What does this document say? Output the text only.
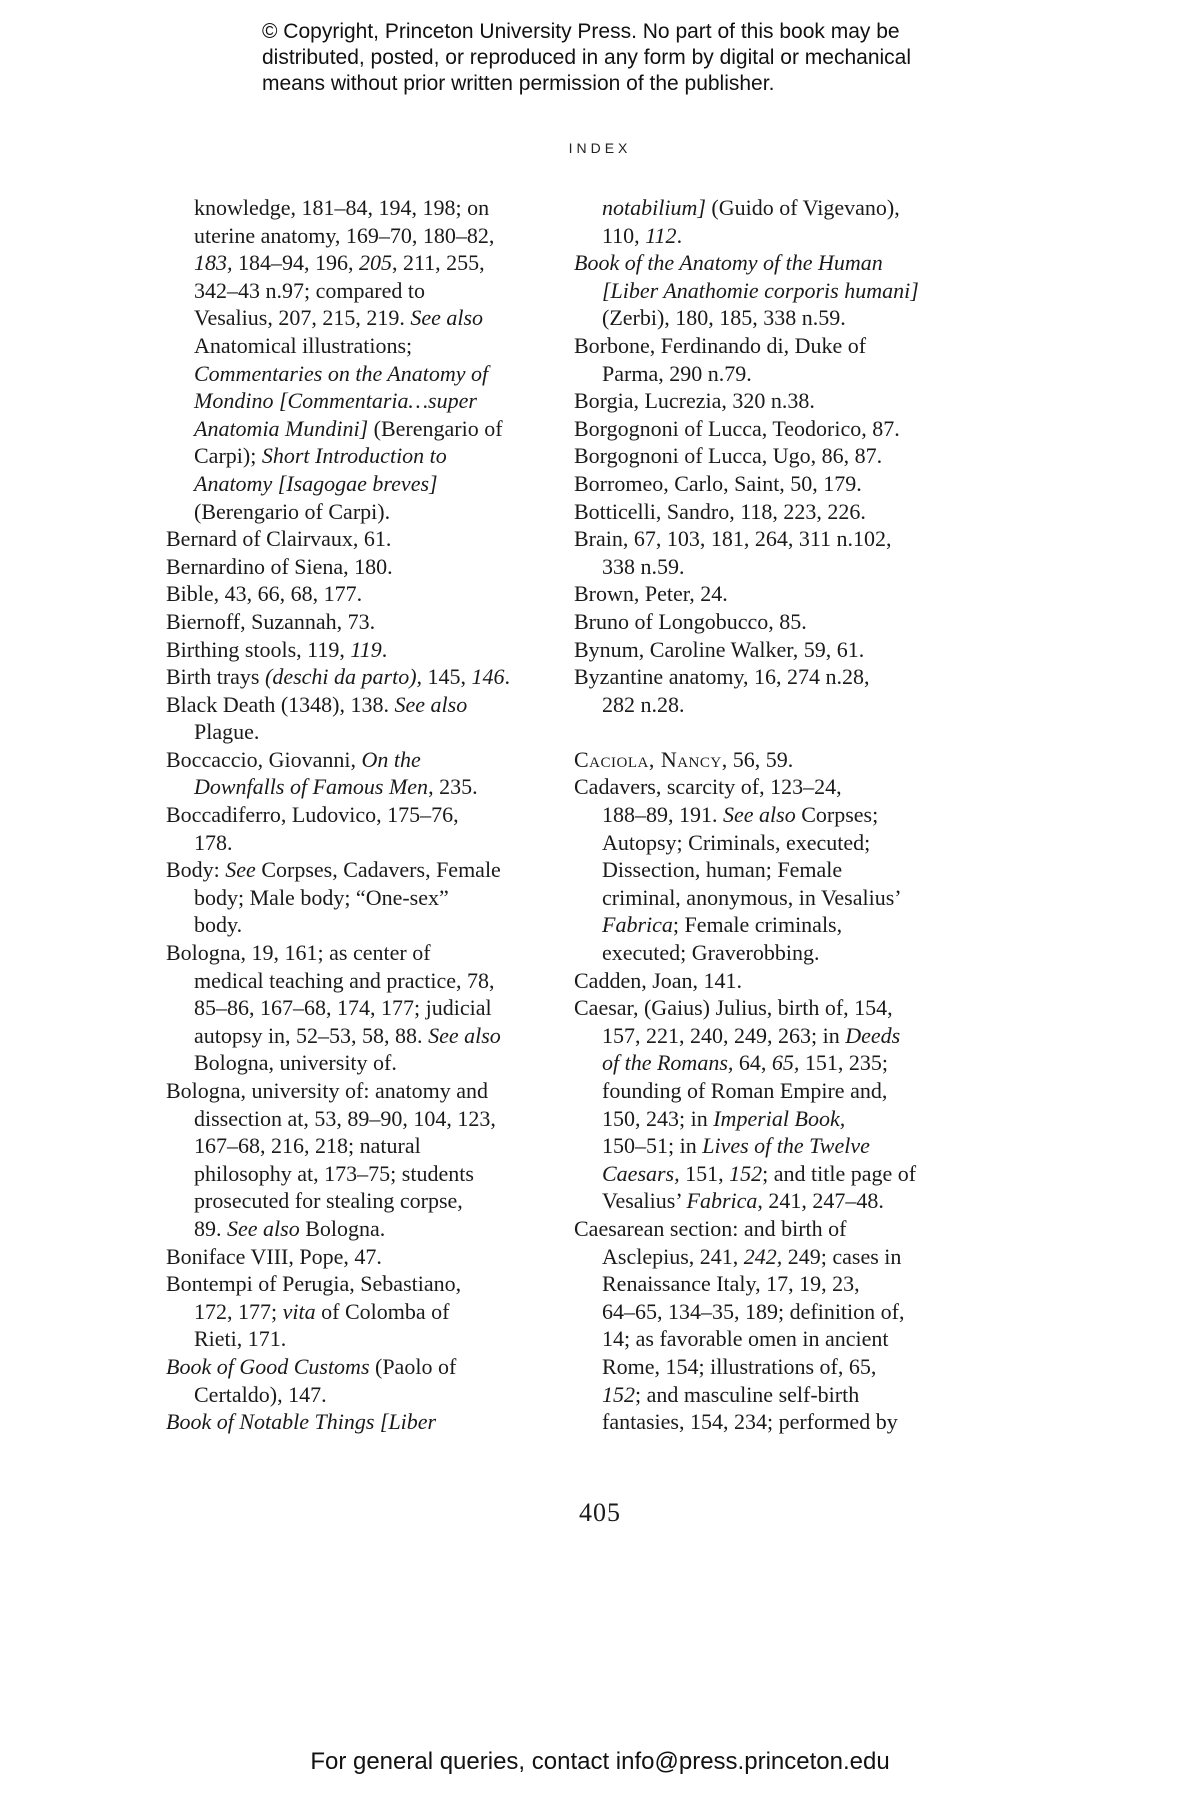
© Copyright, Princeton University Press. No part of this book may be
distributed, posted, or reproduced in any form by digital or mechanical
means without prior written permission of the publisher.
INDEX
knowledge, 181–84, 194, 198; on
uterine anatomy, 169–70, 180–82,
183, 184–94, 196, 205, 211, 255,
342–43 n.97; compared to
Vesalius, 207, 215, 219. See also
Anatomical illustrations;
Commentaries on the Anatomy of
Mondino [Commentaria…super
Anatomia Mundini] (Berengario of
Carpi); Short Introduction to
Anatomy [Isagogae breves]
(Berengario of Carpi).
Bernard of Clairvaux, 61.
Bernardino of Siena, 180.
Bible, 43, 66, 68, 177.
Biernoff, Suzannah, 73.
Birthing stools, 119, 119.
Birth trays (deschi da parto), 145, 146.
Black Death (1348), 138. See also
Plague.
Boccaccio, Giovanni, On the
Downfalls of Famous Men, 235.
Boccadiferro, Ludovico, 175–76,
178.
Body: See Corpses, Cadavers, Female
body; Male body; “One-sex”
body.
Bologna, 19, 161; as center of
medical teaching and practice, 78,
85–86, 167–68, 174, 177; judicial
autopsy in, 52–53, 58, 88. See also
Bologna, university of.
Bologna, university of: anatomy and
dissection at, 53, 89–90, 104, 123,
167–68, 216, 218; natural
philosophy at, 173–75; students
prosecuted for stealing corpse,
89. See also Bologna.
Boniface VIII, Pope, 47.
Bontempi of Perugia, Sebastiano,
172, 177; vita of Colomba of
Rieti, 171.
Book of Good Customs (Paolo of
Certaldo), 147.
Book of Notable Things [Liber
notabilium] (Guido of Vigevano),
110, 112.
Book of the Anatomy of the Human
[Liber Anathomie corporis humani]
(Zerbi), 180, 185, 338 n.59.
Borbone, Ferdinando di, Duke of
Parma, 290 n.79.
Borgia, Lucrezia, 320 n.38.
Borgognoni of Lucca, Teodorico, 87.
Borgognoni of Lucca, Ugo, 86, 87.
Borromeo, Carlo, Saint, 50, 179.
Botticelli, Sandro, 118, 223, 226.
Brain, 67, 103, 181, 264, 311 n.102,
338 n.59.
Brown, Peter, 24.
Bruno of Longobucco, 85.
Bynum, Caroline Walker, 59, 61.
Byzantine anatomy, 16, 274 n.28,
282 n.28.
Caciola, Nancy, 56, 59.
Cadavers, scarcity of, 123–24,
188–89, 191. See also Corpses;
Autopsy; Criminals, executed;
Dissection, human; Female
criminal, anonymous, in Vesalius’
Fabrica; Female criminals,
executed; Graverobbing.
Cadden, Joan, 141.
Caesar, (Gaius) Julius, birth of, 154,
157, 221, 240, 249, 263; in Deeds
of the Romans, 64, 65, 151, 235;
founding of Roman Empire and,
150, 243; in Imperial Book,
150–51; in Lives of the Twelve
Caesars, 151, 152; and title page of
Vesalius’ Fabrica, 241, 247–48.
Caesarean section: and birth of
Asclepius, 241, 242, 249; cases in
Renaissance Italy, 17, 19, 23,
64–65, 134–35, 189; definition of,
14; as favorable omen in ancient
Rome, 154; illustrations of, 65,
152; and masculine self-birth
fantasies, 154, 234; performed by
405
For general queries, contact info@press.princeton.edu
